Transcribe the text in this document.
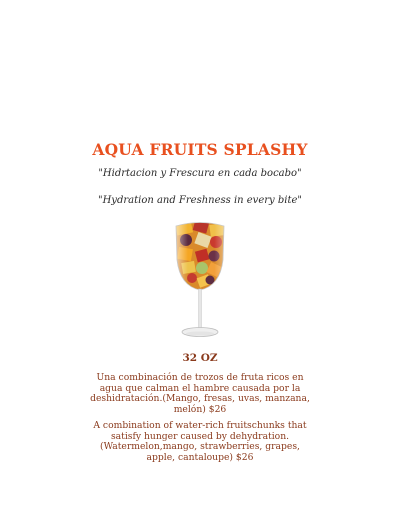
AQUA FRUITS SPLASHY
"Hidrtacion y Frescura en cada bocabo"
"Hydration and Freshness in every bite"
32 OZ
Una combinación de trozos de fruta ricos en agua que calman el hambre causada por la deshidratación.(Mango, fresas, uvas, manzana, melón) $26
A combination of water-rich fruitschunks that satisfy hunger caused by dehydration. (Watermelon,mango, strawberries, grapes, apple, cantaloupe) $26
